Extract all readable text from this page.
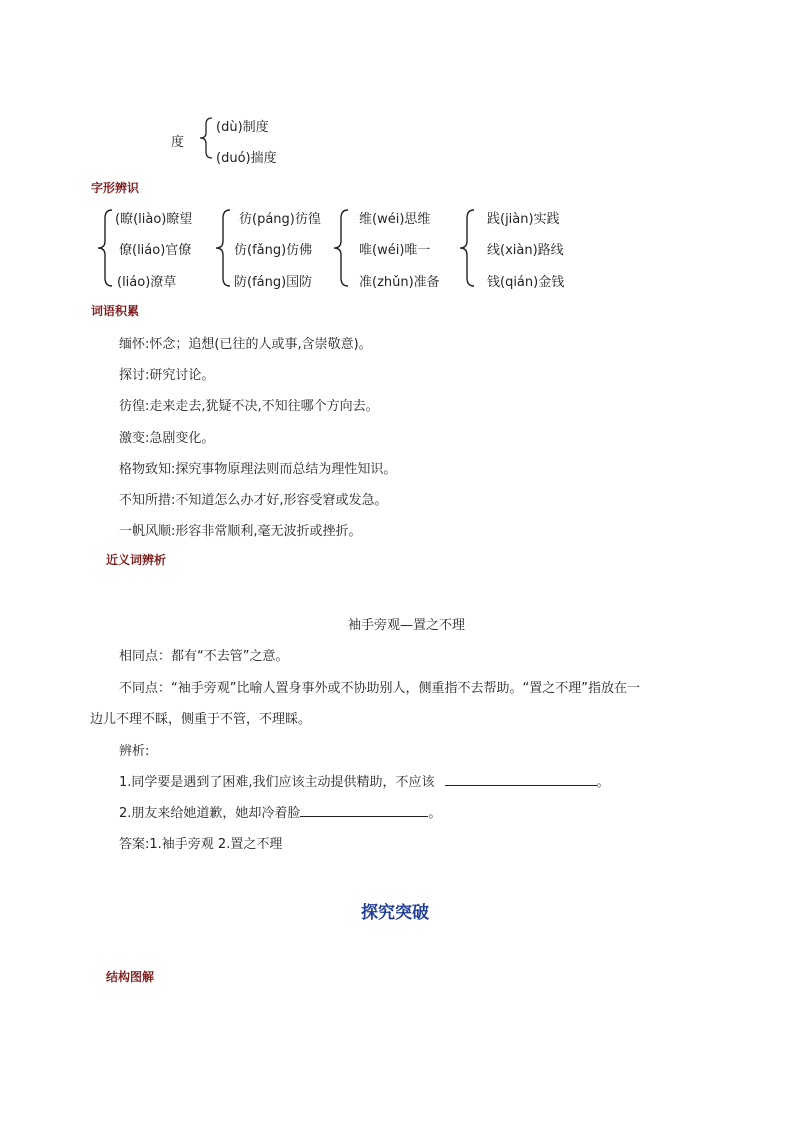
度
(dù)制度
(duó)揣度
字形辨识
(瞭(liào)瞭望
僚(liáo)官僚
(liáo)潦草
彷(páng)彷徨
仿(fǎng)仿佛
防(fáng)国防
维(wéi)思维
唯(wéi)唯一
准(zhǔn)准备
践(jiàn)实践
线(xiàn)路线
钱(qián)金钱
词语积累
缅怀:怀念；追想(已往的人或事,含崇敬意)。
探讨:研究讨论。
彷徨:走来走去,犹疑不决,不知往哪个方向去。
激变:急剧变化。
格物致知:探究事物原理法则而总结为理性知识。
不知所措:不知道怎么办才好,形容受窘或发急。
一帆风顺:形容非常顺利,毫无波折或挫折。
近义词辨析
袖手旁观—置之不理
相同点：都有“不去管”之意。
不同点：“袖手旁观”比喻人置身事外或不协助别人，侧重指不去帮助。“置之不理”指放在一
边儿不理不睬，侧重于不管，不理睬。
辨析:
1.同学要是遇到了困难,我们应该主动提供精助，不应该	。
2.朋友来给她道歉，她却冷着脸	。
答案:1.袖手旁观 2.置之不理
探究突破
结构图解
